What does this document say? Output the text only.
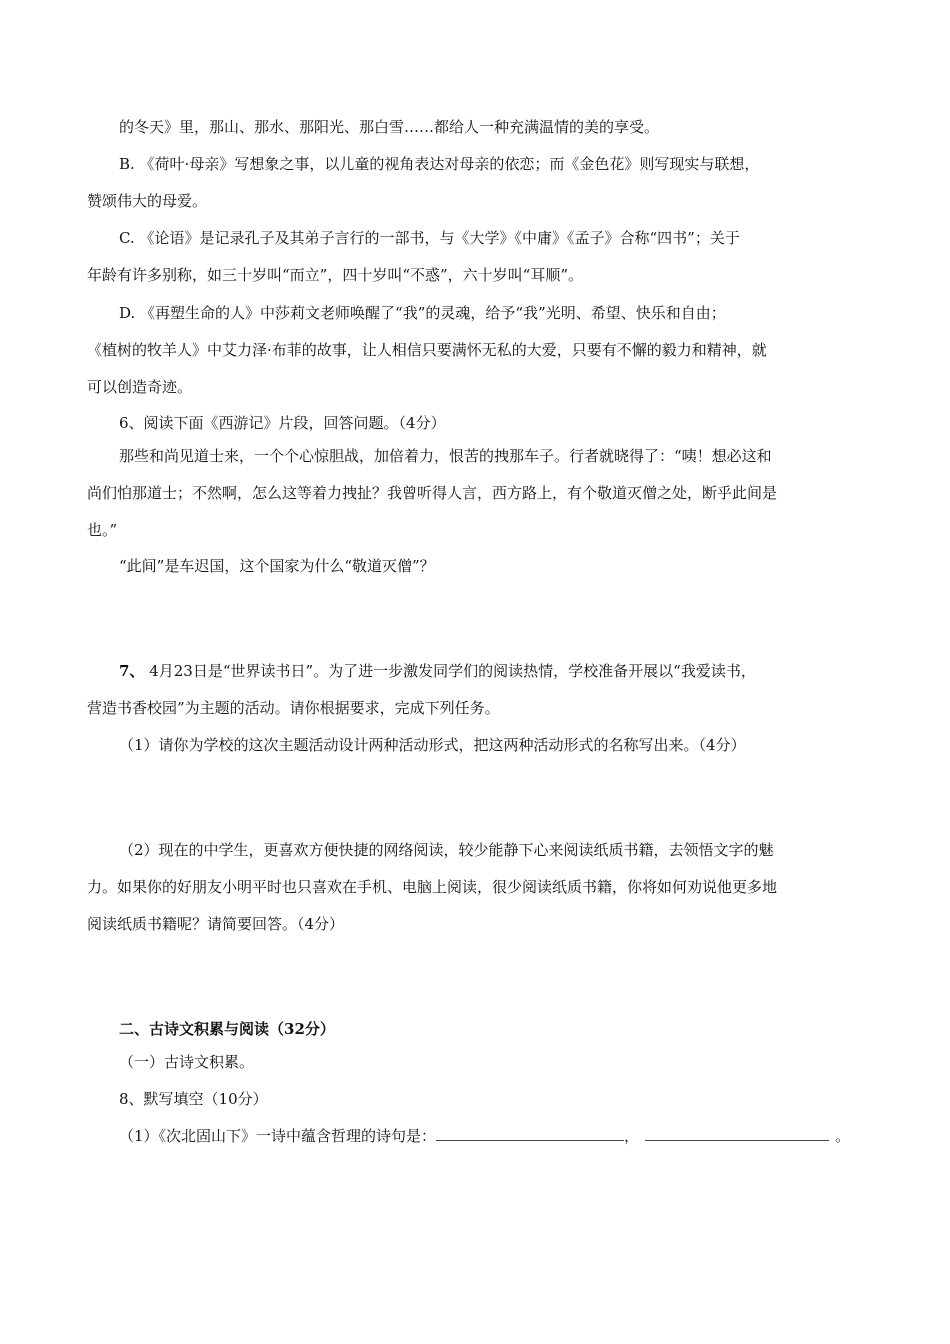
的冬天》里，那山、那水、那阳光、那白雪……都给人一种充满温情的美的享受。
B. 《荷叶·母亲》写想象之事，以儿童的视角表达对母亲的依恋；而《金色花》则写现实与联想，
赞颂伟大的母爱。
C. 《论语》是记录孔子及其弟子言行的一部书，与《大学》《中庸》《孟子》合称“四书”；关于
年龄有许多别称，如三十岁叫“而立”，四十岁叫“不惑”，六十岁叫“耳顺”。
D. 《再塑生命的人》中莎莉文老师唤醒了“我”的灵魂，给予“我”光明、希望、快乐和自由；
《植树的牧羊人》中艾力泽·布菲的故事，让人相信只要满怀无私的大爱，只要有不懈的毅力和精神，就
可以创造奇迹。
6、阅读下面《西游记》片段，回答问题。（4分）
那些和尚见道士来，一个个心惊胆战，加倍着力，恨苦的拽那车子。行者就晓得了：“咦！想必这和
尚们怕那道士；不然啊，怎么这等着力拽扯？我曾听得人言，西方路上，有个敬道灭僧之处，断乎此间是
也。”
“此间”是车迟国，这个国家为什么“敬道灭僧”？
7、 4月23日是“世界读书日”。为了进一步激发同学们的阅读热情，学校准备开展以“我爱读书，
营造书香校园”为主题的活动。请你根据要求，完成下列任务。
（1）请你为学校的这次主题活动设计两种活动形式，把这两种活动形式的名称写出来。（4分）
（2）现在的中学生，更喜欢方便快捷的网络阅读，较少能静下心来阅读纸质书籍，去领悟文字的魅
力。如果你的好朋友小明平时也只喜欢在手机、电脑上阅读，很少阅读纸质书籍，你将如何劝说他更多地
阅读纸质书籍呢？请简要回答。（4分）
二、古诗文积累与阅读（32分）
（一）古诗文积累。
8、默写填空（10分）
（1）《次北固山下》一诗中蕴含哲理的诗句是：	，	。
